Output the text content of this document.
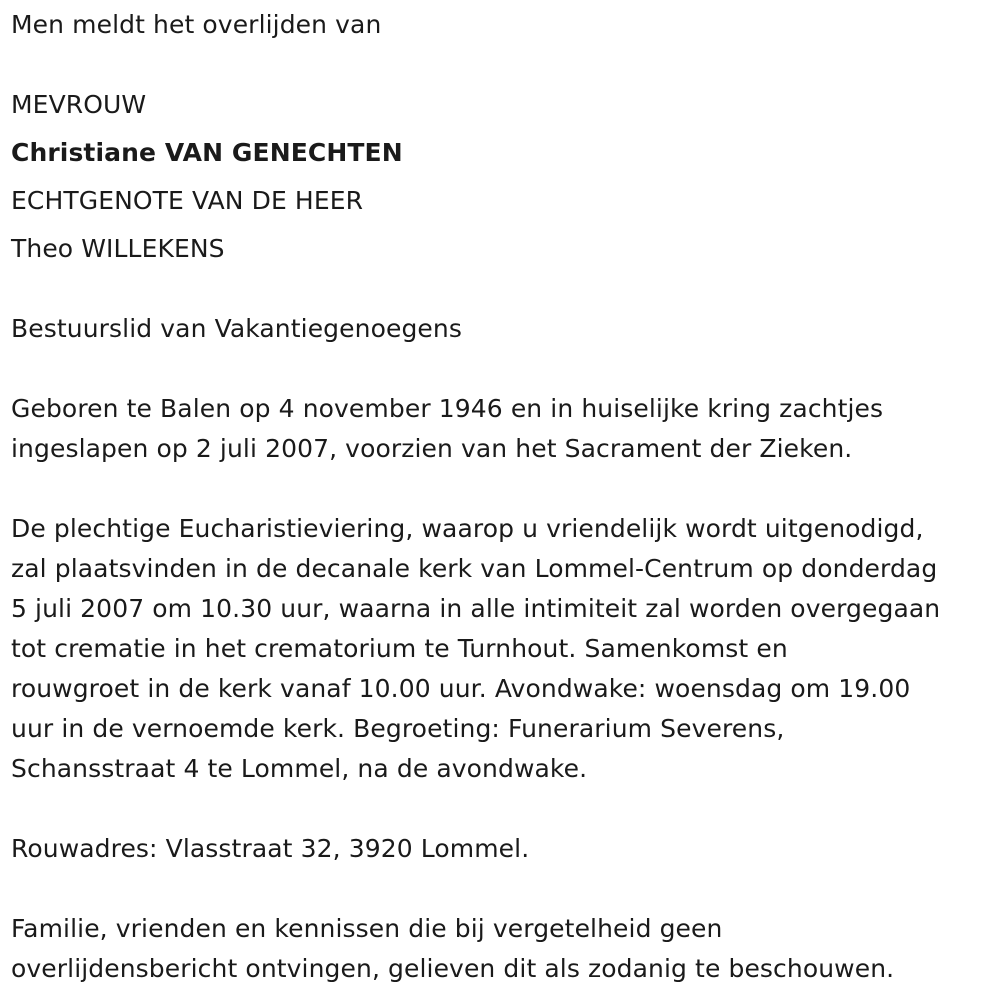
Men meldt het overlijden van
MEVROUW
Christiane VAN GENECHTEN
ECHTGENOTE VAN DE HEER
Theo WILLEKENS
Bestuurslid van Vakantiegenoegens
Geboren te Balen op 4 november 1946 en in huiselijke kring zachtjes
ingeslapen op 2 juli 2007, voorzien van het Sacrament der Zieken.
De plechtige Eucharistieviering, waarop u vriendelijk wordt uitgenodigd,
zal plaatsvinden in de decanale kerk van Lommel-Centrum op donderdag
5 juli 2007 om 10.30 uur, waarna in alle intimiteit zal worden overgegaan
tot crematie in het crematorium te Turnhout. Samenkomst en
rouwgroet in de kerk vanaf 10.00 uur. Avondwake: woensdag om 19.00
uur in de vernoemde kerk. Begroeting: Funerarium Severens,
Schansstraat 4 te Lommel, na de avondwake.
Rouwadres: Vlasstraat 32, 3920 Lommel.
Familie, vrienden en kennissen die bij vergetelheid geen
overlijdensbericht ontvingen, gelieven dit als zodanig te beschouwen.
